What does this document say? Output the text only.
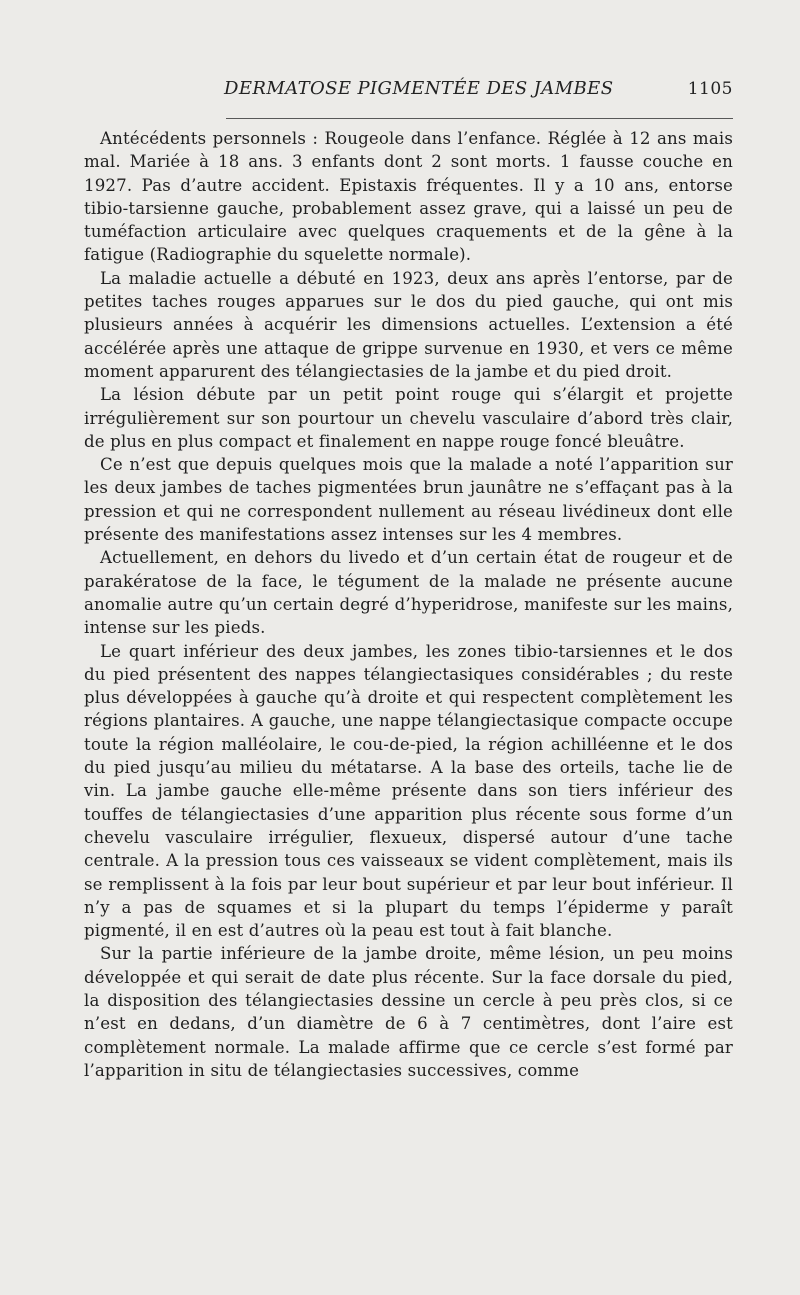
DERMATOSE PIGMENTÉE DES JAMBES	1105

Antécédents personnels : Rougeole dans l’enfance. Réglée à 12 ans mais mal. Mariée à 18 ans. 3 enfants dont 2 sont morts. 1 fausse couche en 1927. Pas d’autre accident. Epistaxis fréquentes. Il y a 10 ans, entorse tibio-tarsienne gauche, probablement assez grave, qui a laissé un peu de tuméfaction articulaire avec quelques craquements et de la gêne à la fatigue (Radiographie du squelette normale).

La maladie actuelle a débuté en 1923, deux ans après l’entorse, par de petites taches rouges apparues sur le dos du pied gauche, qui ont mis plusieurs années à acquérir les dimensions actuelles. L’extension a été accélérée après une attaque de grippe survenue en 1930, et vers ce même moment apparurent des télangiectasies de la jambe et du pied droit.

La lésion débute par un petit point rouge qui s’élargit et projette irrégulièrement sur son pourtour un chevelu vasculaire d’abord très clair, de plus en plus compact et finalement en nappe rouge foncé bleuâtre.

Ce n’est que depuis quelques mois que la malade a noté l’apparition sur les deux jambes de taches pigmentées brun jaunâtre ne s’effaçant pas à la pression et qui ne correspondent nullement au réseau livédineux dont elle présente des manifestations assez intenses sur les 4 membres.

Actuellement, en dehors du livedo et d’un certain état de rougeur et de parakératose de la face, le tégument de la malade ne présente aucune anomalie autre qu’un certain degré d’hyperidrose, manifeste sur les mains, intense sur les pieds.

Le quart inférieur des deux jambes, les zones tibio-tarsiennes et le dos du pied présentent des nappes télangiectasiques considérables ; du reste plus développées à gauche qu’à droite et qui respectent complètement les régions plantaires. A gauche, une nappe télangiectasique compacte occupe toute la région malléolaire, le cou-de-pied, la région achilléenne et le dos du pied jusqu’au milieu du métatarse. A la base des orteils, tache lie de vin. La jambe gauche elle-même présente dans son tiers inférieur des touffes de télangiectasies d’une apparition plus récente sous forme d’un chevelu vasculaire irrégulier, flexueux, dispersé autour d’une tache centrale. A la pression tous ces vaisseaux se vident complètement, mais ils se remplissent à la fois par leur bout supérieur et par leur bout inférieur. Il n’y a pas de squames et si la plupart du temps l’épiderme y paraît pigmenté, il en est d’autres où la peau est tout à fait blanche.

Sur la partie inférieure de la jambe droite, même lésion, un peu moins développée et qui serait de date plus récente. Sur la face dorsale du pied, la disposition des télangiectasies dessine un cercle à peu près clos, si ce n’est en dedans, d’un diamètre de 6 à 7 centimètres, dont l’aire est complètement normale. La malade affirme que ce cercle s’est formé par l’apparition in situ de télangiectasies successives, comme
